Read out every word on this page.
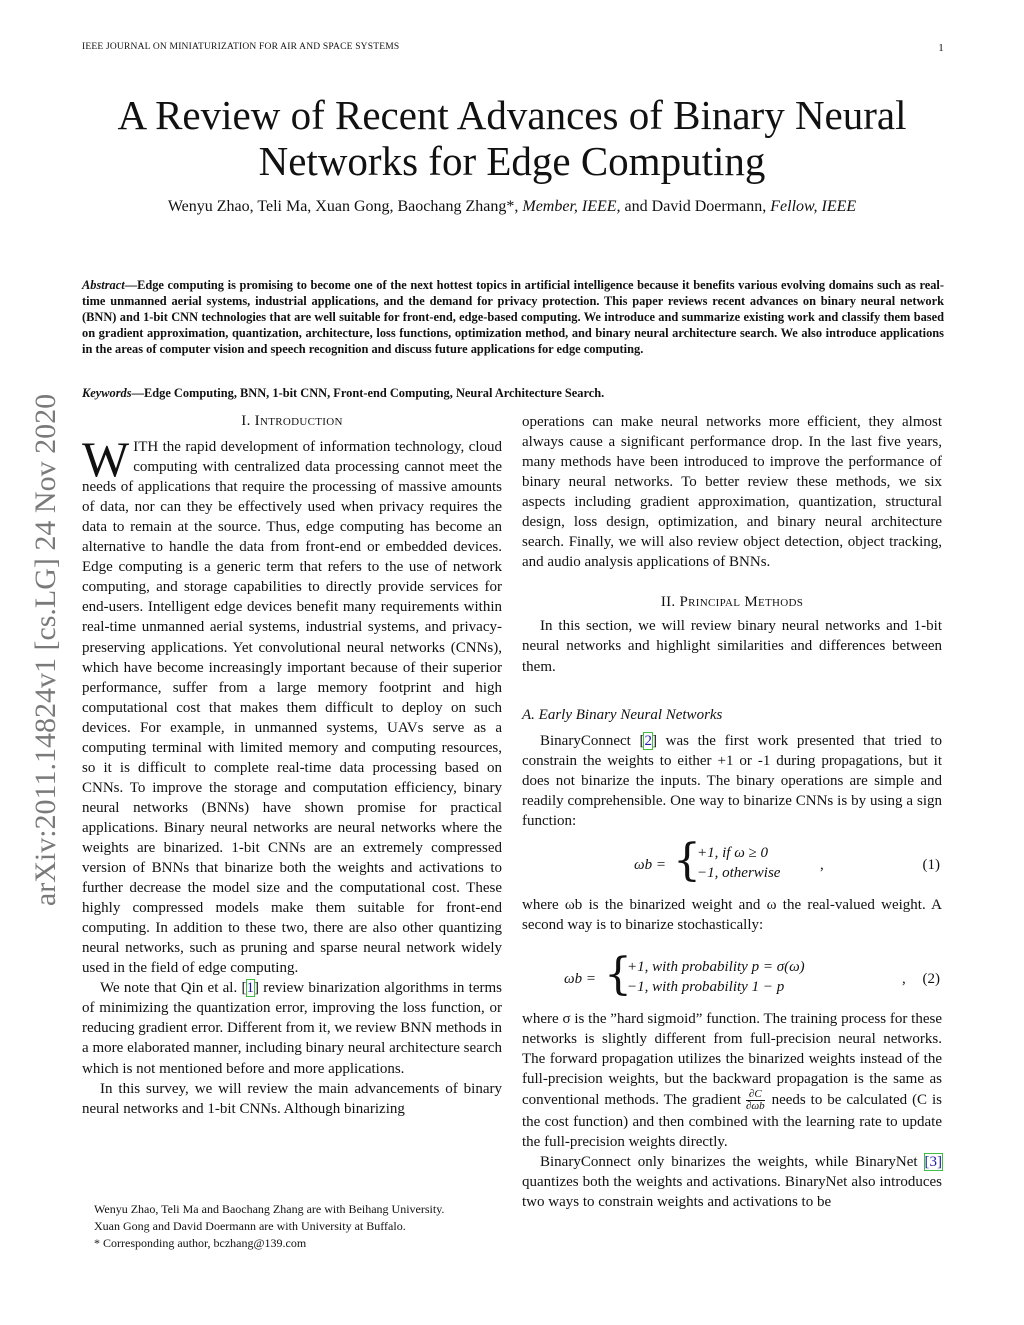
IEEE JOURNAL ON MINIATURIZATION FOR AIR AND SPACE SYSTEMS	1
A Review of Recent Advances of Binary Neural
Networks for Edge Computing
Wenyu Zhao, Teli Ma, Xuan Gong, Baochang Zhang*, Member, IEEE, and David Doermann, Fellow, IEEE
Abstract—Edge computing is promising to become one of the next hottest topics in artificial intelligence because it benefits various evolving domains such as real-time unmanned aerial systems, industrial applications, and the demand for privacy protection. This paper reviews recent advances on binary neural network (BNN) and 1-bit CNN technologies that are well suitable for front-end, edge-based computing. We introduce and summarize existing work and classify them based on gradient approximation, quantization, architecture, loss functions, optimization method, and binary neural architecture search. We also introduce applications in the areas of computer vision and speech recognition and discuss future applications for edge computing.
Keywords—Edge Computing, BNN, 1-bit CNN, Front-end Computing, Neural Architecture Search.
arXiv:2011.14824v1 [cs.LG] 24 Nov 2020	I. Introduction

WITH the rapid development of information technology, cloud computing with centralized data processing cannot meet the needs of applications that require the processing of massive amounts of data, nor can they be effectively used when privacy requires the data to remain at the source. Thus, edge computing has become an alternative to handle the data from front-end or embedded devices. Edge computing is a generic term that refers to the use of network computing, and storage capabilities to directly provide services for end-users. Intelligent edge devices benefit many requirements within real-time unmanned aerial systems, industrial systems, and privacy-preserving applications. Yet convolutional neural networks (CNNs), which have become increasingly important because of their superior performance, suffer from a large memory footprint and high computational cost that makes them difficult to deploy on such devices. For example, in unmanned systems, UAVs serve as a computing terminal with limited memory and computing resources, so it is difficult to complete real-time data processing based on CNNs. To improve the storage and computation efficiency, binary neural networks (BNNs) have shown promise for practical applications. Binary neural networks are neural networks where the weights are binarized. 1-bit CNNs are an extremely compressed version of BNNs that binarize both the weights and activations to further decrease the model size and the computational cost. These highly compressed models make them suitable for front-end computing. In addition to these two, there are also other quantizing neural networks, such as pruning and sparse neural network widely used in the field of edge computing.

We note that Qin et al. [1] review binarization algorithms in terms of minimizing the quantization error, improving the loss function, or reducing gradient error. Different from it, we review BNN methods in a more elaborated manner, including binary neural architecture search which is not mentioned before and more applications.

In this survey, we will review the main advancements of binary neural networks and 1-bit CNNs. Although binarizing

Wenyu Zhao, Teli Ma and Baochang Zhang are with Beihang University.

Xuan Gong and David Doermann are with University at Buffalo.

* Corresponding author, bczhang@139.com

operations can make neural networks more efficient, they almost always cause a significant performance drop. In the last five years, many methods have been introduced to improve the performance of binary neural networks. To better review these methods, we six aspects including gradient approximation, quantization, structural design, loss design, optimization, and binary neural architecture search. Finally, we will also review object detection, object tracking, and audio analysis applications of BNNs.

II. Principal Methods

In this section, we will review binary neural networks and 1-bit neural networks and highlight similarities and differences between them.

A. Early Binary Neural Networks

BinaryConnect [2] was the first work presented that tried to constrain the weights to either +1 or -1 during propagations, but it does not binarize the inputs. The binary operations are simple and readily comprehensible. One way to binarize CNNs is by using a sign function:

ωb = {
+1, if ω ≥ 0
−1, otherwise	,	(1)

where ωb is the binarized weight and ω the real-valued weight. A second way is to binarize stochastically:

ωb = {
+1, with probability p = σ(ω)
−1, with probability 1 − p	, (2)

where σ is the ”hard sigmoid” function. The training process for these networks is slightly different from full-precision neural networks. The forward propagation utilizes the binarized weights instead of the full-precision weights, but the backward propagation is the same as conventional methods. The gradient $\frac{\partial C}{\partial\omega b}$ needs to be calculated (C is the cost function) and then combined with the learning rate to update the full-precision weights directly.

BinaryConnect only binarizes the weights, while BinaryNet [3] quantizes both the weights and activations. BinaryNet also introduces two ways to constrain weights and activations to be
